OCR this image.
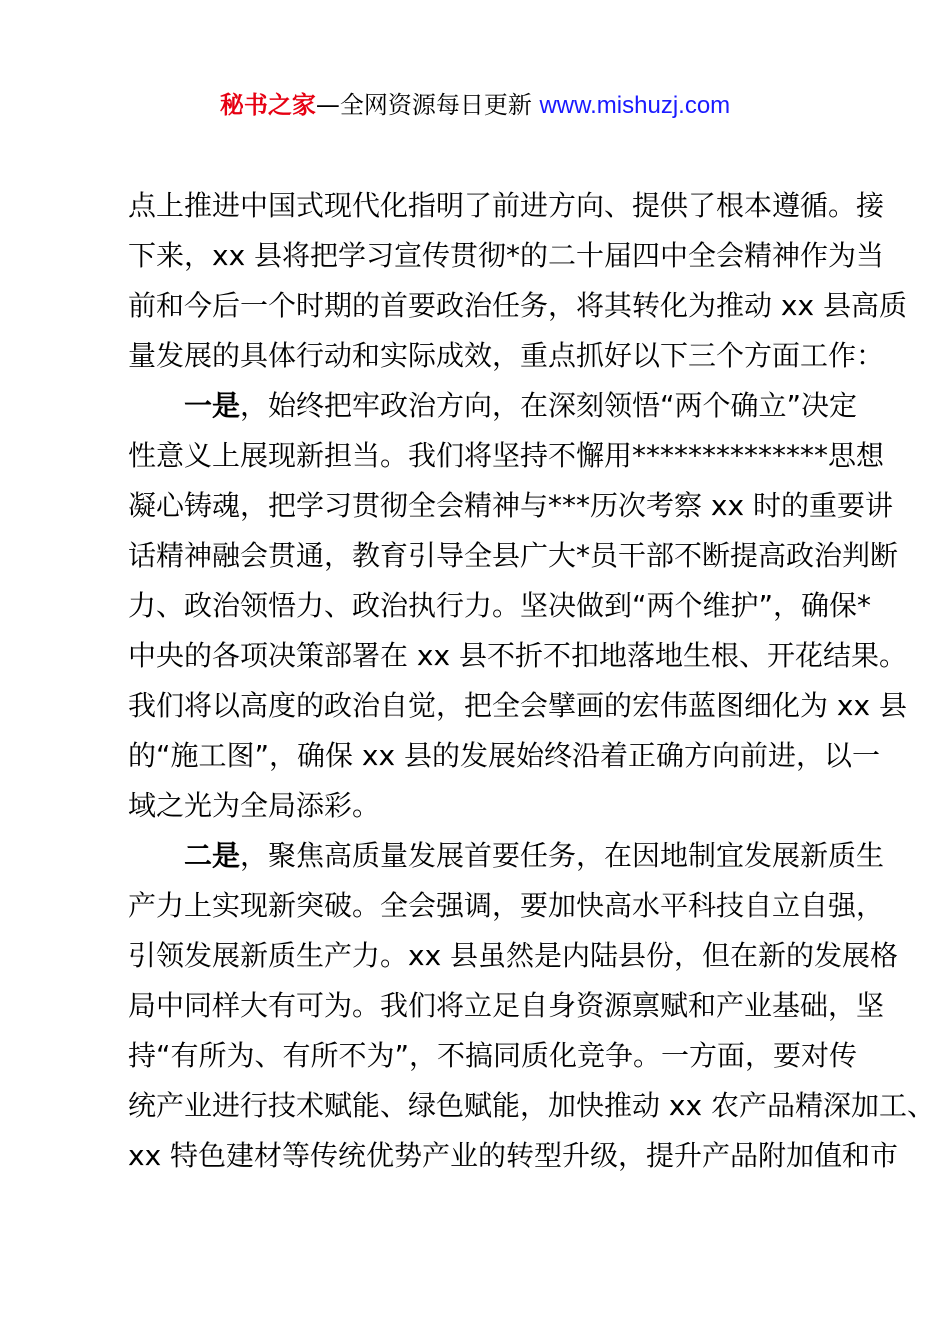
秘书之家—全网资源每日更新 www.mishuzj.com
点上推进中国式现代化指明了前进方向、提供了根本遵循。接
下来，xx 县将把学习宣传贯彻*的二十届四中全会精神作为当
前和今后一个时期的首要政治任务，将其转化为推动 xx 县高质
量发展的具体行动和实际成效，重点抓好以下三个方面工作：
一是，始终把牢政治方向，在深刻领悟“两个确立”决定
性意义上展现新担当。我们将坚持不懈用**************思想
凝心铸魂，把学习贯彻全会精神与***历次考察 xx 时的重要讲
话精神融会贯通，教育引导全县广大*员干部不断提高政治判断
力、政治领悟力、政治执行力。坚决做到“两个维护”，确保*
中央的各项决策部署在 xx 县不折不扣地落地生根、开花结果。
我们将以高度的政治自觉，把全会擘画的宏伟蓝图细化为 xx 县
的“施工图”，确保 xx 县的发展始终沿着正确方向前进，以一
域之光为全局添彩。
二是，聚焦高质量发展首要任务，在因地制宜发展新质生
产力上实现新突破。全会强调，要加快高水平科技自立自强，
引领发展新质生产力。xx 县虽然是内陆县份，但在新的发展格
局中同样大有可为。我们将立足自身资源禀赋和产业基础，坚
持“有所为、有所不为”，不搞同质化竞争。一方面，要对传
统产业进行技术赋能、绿色赋能，加快推动 xx 农产品精深加工、
xx 特色建材等传统优势产业的转型升级，提升产品附加值和市
